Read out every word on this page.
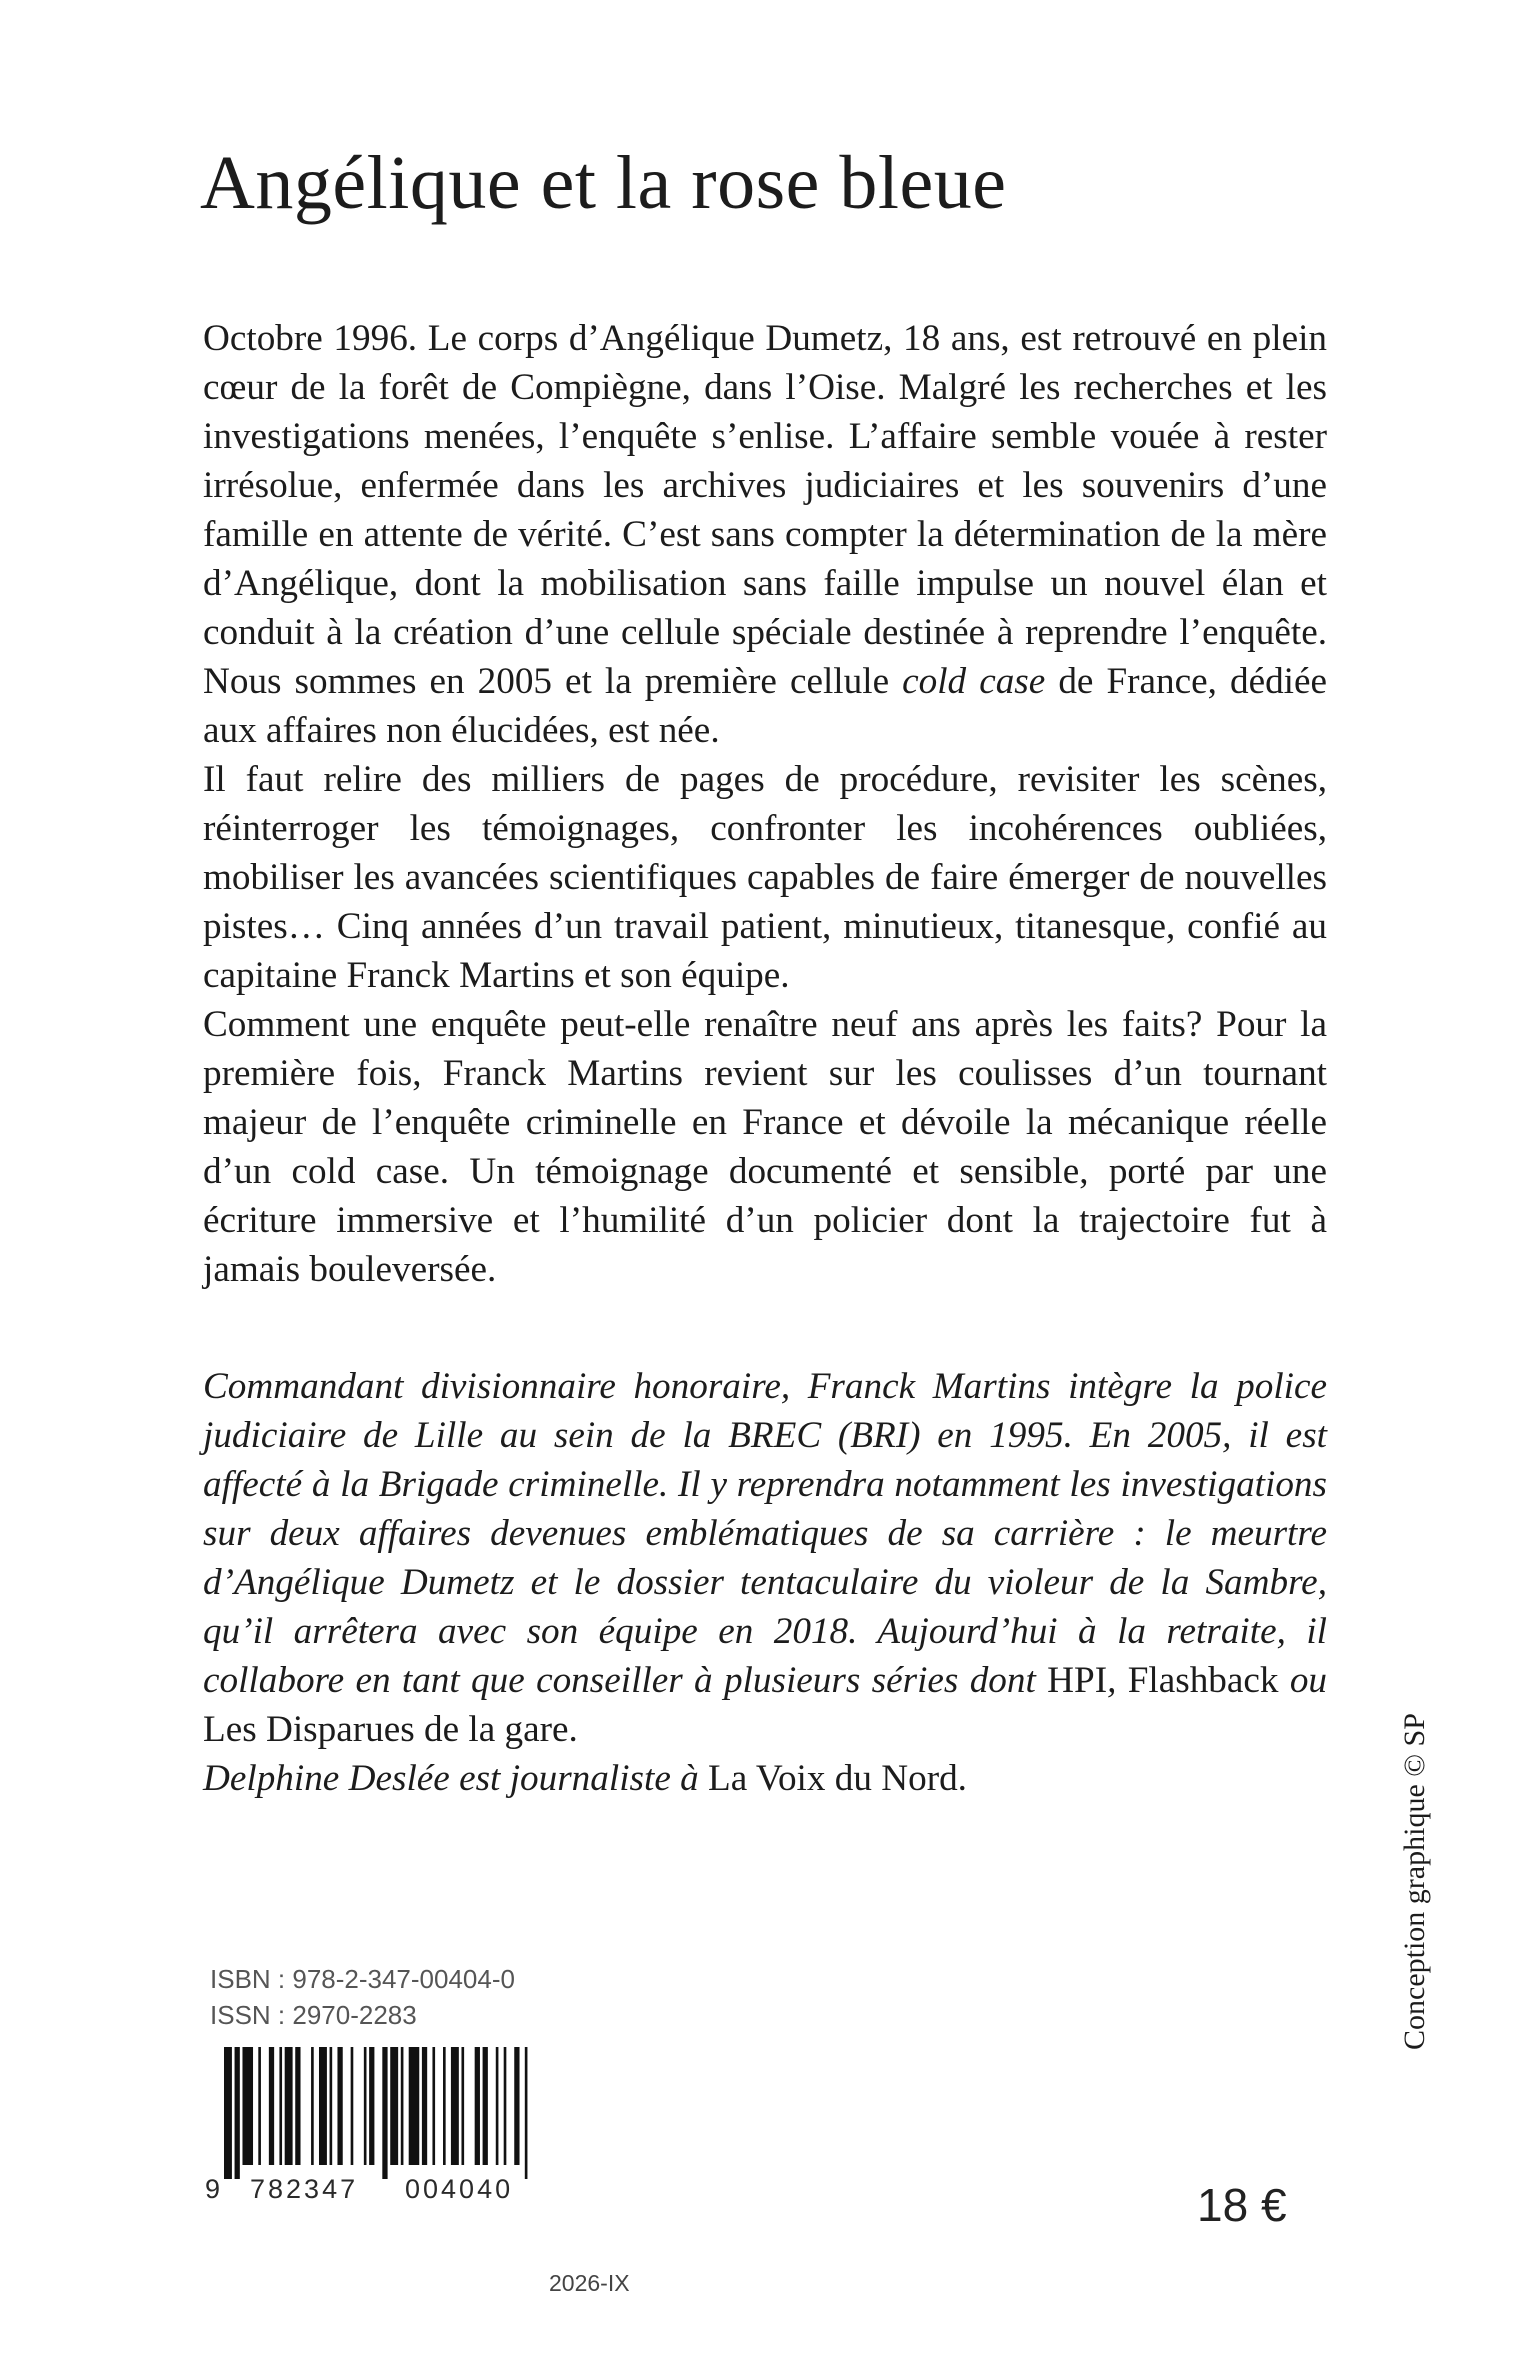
Angélique et la rose bleue

Octobre 1996. Le corps d’Angélique Dumetz, 18 ans, est retrouvé en plein cœur de la forêt de Compiègne, dans l’Oise. Malgré les recherches et les investigations menées, l’enquête s’enlise. L’affaire semble vouée à rester irrésolue, enfermée dans les archives judiciaires et les souvenirs d’une famille en attente de vérité. C’est sans compter la détermination de la mère d’Angélique, dont la mobilisation sans faille impulse un nouvel élan et conduit à la création d’une cellule spéciale destinée à reprendre l’enquête. Nous sommes en 2005 et la première cellule cold case de France, dédiée aux affaires non élucidées, est née.

Il faut relire des milliers de pages de procédure, revisiter les scènes, réinterroger les témoignages, confronter les incohérences oubliées, mobiliser les avancées scientifiques capables de faire émerger de nouvelles pistes… Cinq années d’un travail patient, minutieux, titanesque, confié au capitaine Franck Martins et son équipe.

Comment une enquête peut-elle renaître neuf ans après les faits? Pour la première fois, Franck Martins revient sur les coulisses d’un tournant majeur de l’enquête criminelle en France et dévoile la mécanique réelle d’un cold case. Un témoignage documenté et sensible, porté par une écriture immersive et l’humilité d’un policier dont la trajectoire fut à jamais bouleversée.

Commandant divisionnaire honoraire, Franck Martins intègre la police judiciaire de Lille au sein de la BREC (BRI) en 1995. En 2005, il est affecté à la Brigade criminelle. Il y reprendra notamment les investigations sur deux affaires devenues emblématiques de sa carrière : le meurtre d’Angélique Dumetz et le dossier tentaculaire du violeur de la Sambre, qu’il arrêtera avec son équipe en 2018. Aujourd’hui à la retraite, il collabore en tant que conseiller à plusieurs séries dont HPI, Flashback ou Les Disparues de la gare.

Delphine Deslée est journaliste à La Voix du Nord.	Conception graphique © SP
ISBN : 978-2-347-00404-0
ISSN : 2970-2283
9 782347 004040	18 €
2026-IX
